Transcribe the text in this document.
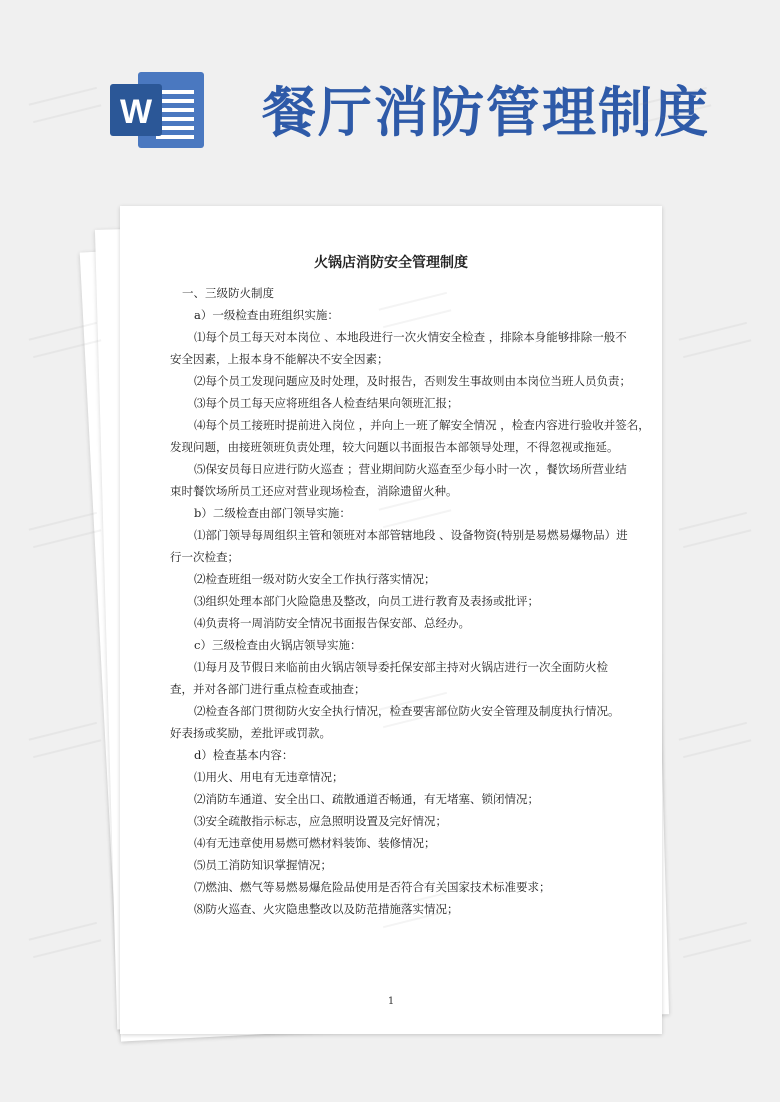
W 餐厅消防管理制度
火锅店消防安全管理制度
一、三级防火制度
a）一级检查由班组织实施：
⑴每个员工每天对本岗位 、本地段进行一次火情安全检查 ，排除本身能够排除一般不
安全因素，上报本身不能解决不安全因素；
⑵每个员工发现问题应及时处理，及时报告，否则发生事故则由本岗位当班人员负责；
⑶每个员工每天应将班组各人检查结果向领班汇报；
⑷每个员工接班时提前进入岗位 ，并向上一班了解安全情况 ，检查内容进行验收并签名，
发现问题，由接班领班负责处理，较大问题以书面报告本部领导处理，不得忽视或拖延。
⑸保安员每日应进行防火巡查 ；营业期间防火巡查至少每小时一次 ，餐饮场所营业结
束时餐饮场所员工还应对营业现场检查，消除遗留火种。
b）二级检查由部门领导实施：
⑴部门领导每周组织主管和领班对本部管辖地段 、设备物资(特别是易燃易爆物品）进
行一次检查；
⑵检查班组一级对防火安全工作执行落实情况；
⑶组织处理本部门火险隐患及整改，向员工进行教育及表扬或批评；
⑷负责将一周消防安全情况书面报告保安部、总经办。
c）三级检查由火锅店领导实施：
⑴每月及节假日来临前由火锅店领导委托保安部主持对火锅店进行一次全面防火检
查，并对各部门进行重点检查或抽查；
⑵检查各部门贯彻防火安全执行情况，检查要害部位防火安全管理及制度执行情况。
好表扬或奖励，差批评或罚款。
d）检查基本内容：
⑴用火、用电有无违章情况；
⑵消防车通道、安全出口、疏散通道否畅通，有无堵塞、锁闭情况；
⑶安全疏散指示标志，应急照明设置及完好情况；
⑷有无违章使用易燃可燃材料装饰、装修情况；
⑸员工消防知识掌握情况；
⑺燃油、燃气等易燃易爆危险品使用是否符合有关国家技术标准要求；
⑻防火巡查、火灾隐患整改以及防范措施落实情况；
1
